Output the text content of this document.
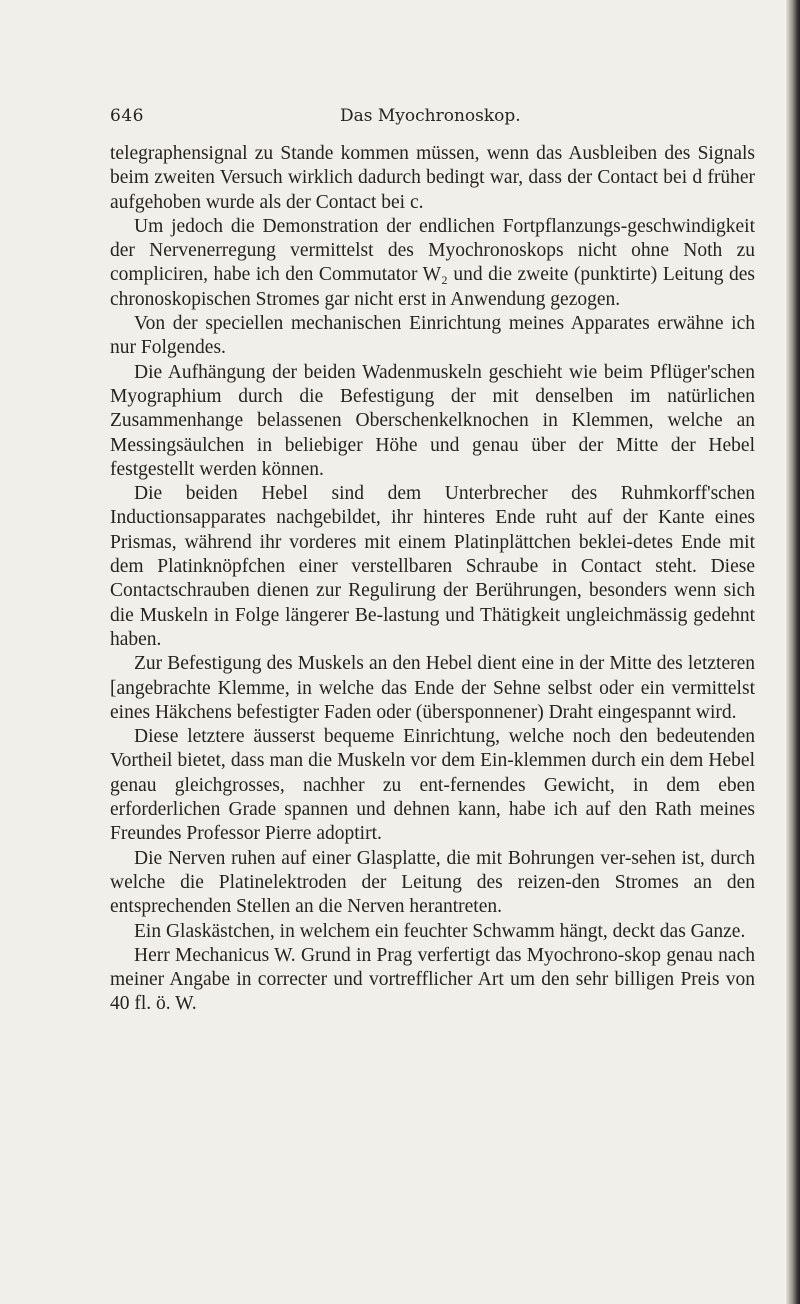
646	Das Myochronoskop.

telegraphensignal zu Stande kommen müssen, wenn das Ausbleiben des Signals beim zweiten Versuch wirklich dadurch bedingt war, dass der Contact bei d früher aufgehoben wurde als der Contact bei c.

Um jedoch die Demonstration der endlichen Fortpflanzungs-geschwindigkeit der Nervenerregung vermittelst des Myochronoskops nicht ohne Noth zu compliciren, habe ich den Commutator W₂ und die zweite (punktirte) Leitung des chronoskopischen Stromes gar nicht erst in Anwendung gezogen.

Von der speciellen mechanischen Einrichtung meines Apparates erwähne ich nur Folgendes.

Die Aufhängung der beiden Wadenmuskeln geschieht wie beim Pflüger'schen Myographium durch die Befestigung der mit denselben im natürlichen Zusammenhange belassenen Oberschenkelknochen in Klemmen, welche an Messingsäulchen in beliebiger Höhe und genau über der Mitte der Hebel festgestellt werden können.

Die beiden Hebel sind dem Unterbrecher des Ruhmkorff'schen Inductionsapparates nachgebildet, ihr hinteres Ende ruht auf der Kante eines Prismas, während ihr vorderes mit einem Platinplättchen beklei-detes Ende mit dem Platinknöpfchen einer verstellbaren Schraube in Contact steht. Diese Contactschrauben dienen zur Regulirung der Berührungen, besonders wenn sich die Muskeln in Folge längerer Be-lastung und Thätigkeit ungleichmässig gedehnt haben.

Zur Befestigung des Muskels an den Hebel dient eine in der Mitte des letzteren [angebrachte Klemme, in welche das Ende der Sehne selbst oder ein vermittelst eines Häkchens befestigter Faden oder (übersponnener) Draht eingespannt wird.

Diese letztere äusserst bequeme Einrichtung, welche noch den bedeutenden Vortheil bietet, dass man die Muskeln vor dem Ein-klemmen durch ein dem Hebel genau gleichgrosses, nachher zu ent-fernendes Gewicht, in dem eben erforderlichen Grade spannen und dehnen kann, habe ich auf den Rath meines Freundes Professor Pierre adoptirt.

Die Nerven ruhen auf einer Glasplatte, die mit Bohrungen ver-sehen ist, durch welche die Platinelektroden der Leitung des reizen-den Stromes an den entsprechenden Stellen an die Nerven herantreten.

Ein Glaskästchen, in welchem ein feuchter Schwamm hängt, deckt das Ganze.

Herr Mechanicus W. Grund in Prag verfertigt das Myochrono-skop genau nach meiner Angabe in correcter und vortrefflicher Art um den sehr billigen Preis von 40 fl. ö. W.
